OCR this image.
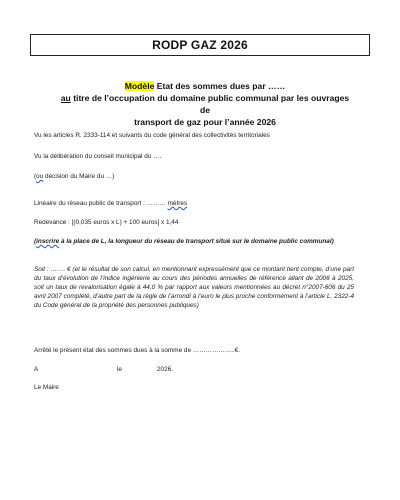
RODP GAZ 2026
Modèle Etat des sommes dues par ……
au titre de l’occupation du domaine public communal par les ouvrages de
transport de gaz pour l’année 2026
Vu les articles R. 2333-114 et suivants du code général des collectivités territoriales
Vu la délibération du conseil municipal du ….
(ou décision du Maire du …)
Linéaire du réseau public de transport : ……… mètres
Redevance : [(0,035 euros x L) + 100 euros] x 1,44
(inscrire à la place de L, la longueur du réseau de transport situé sur le domaine public communal)
Soit : ……. € (et le résultat de son calcul, en mentionnant expressément que ce montant tient compte, d’une part du taux d’évolution de l’indice ingénierie au cours des périodes annuelles de référence allant de 2006 à 2025, soit un taux de revalorisation égale à 44,0 % par rapport aux valeurs mentionnées au décret n°2007-606 du 25 avril 2007 complété, d’autre part de la règle de l’arrondi à l’euro le plus proche conformément à l’article L. 2322-4 du Code général de la propriété des personnes publiques)
Arrêté le présent état des sommes dues à la somme de ………………..€.
A	le	2026.
Le Maire
